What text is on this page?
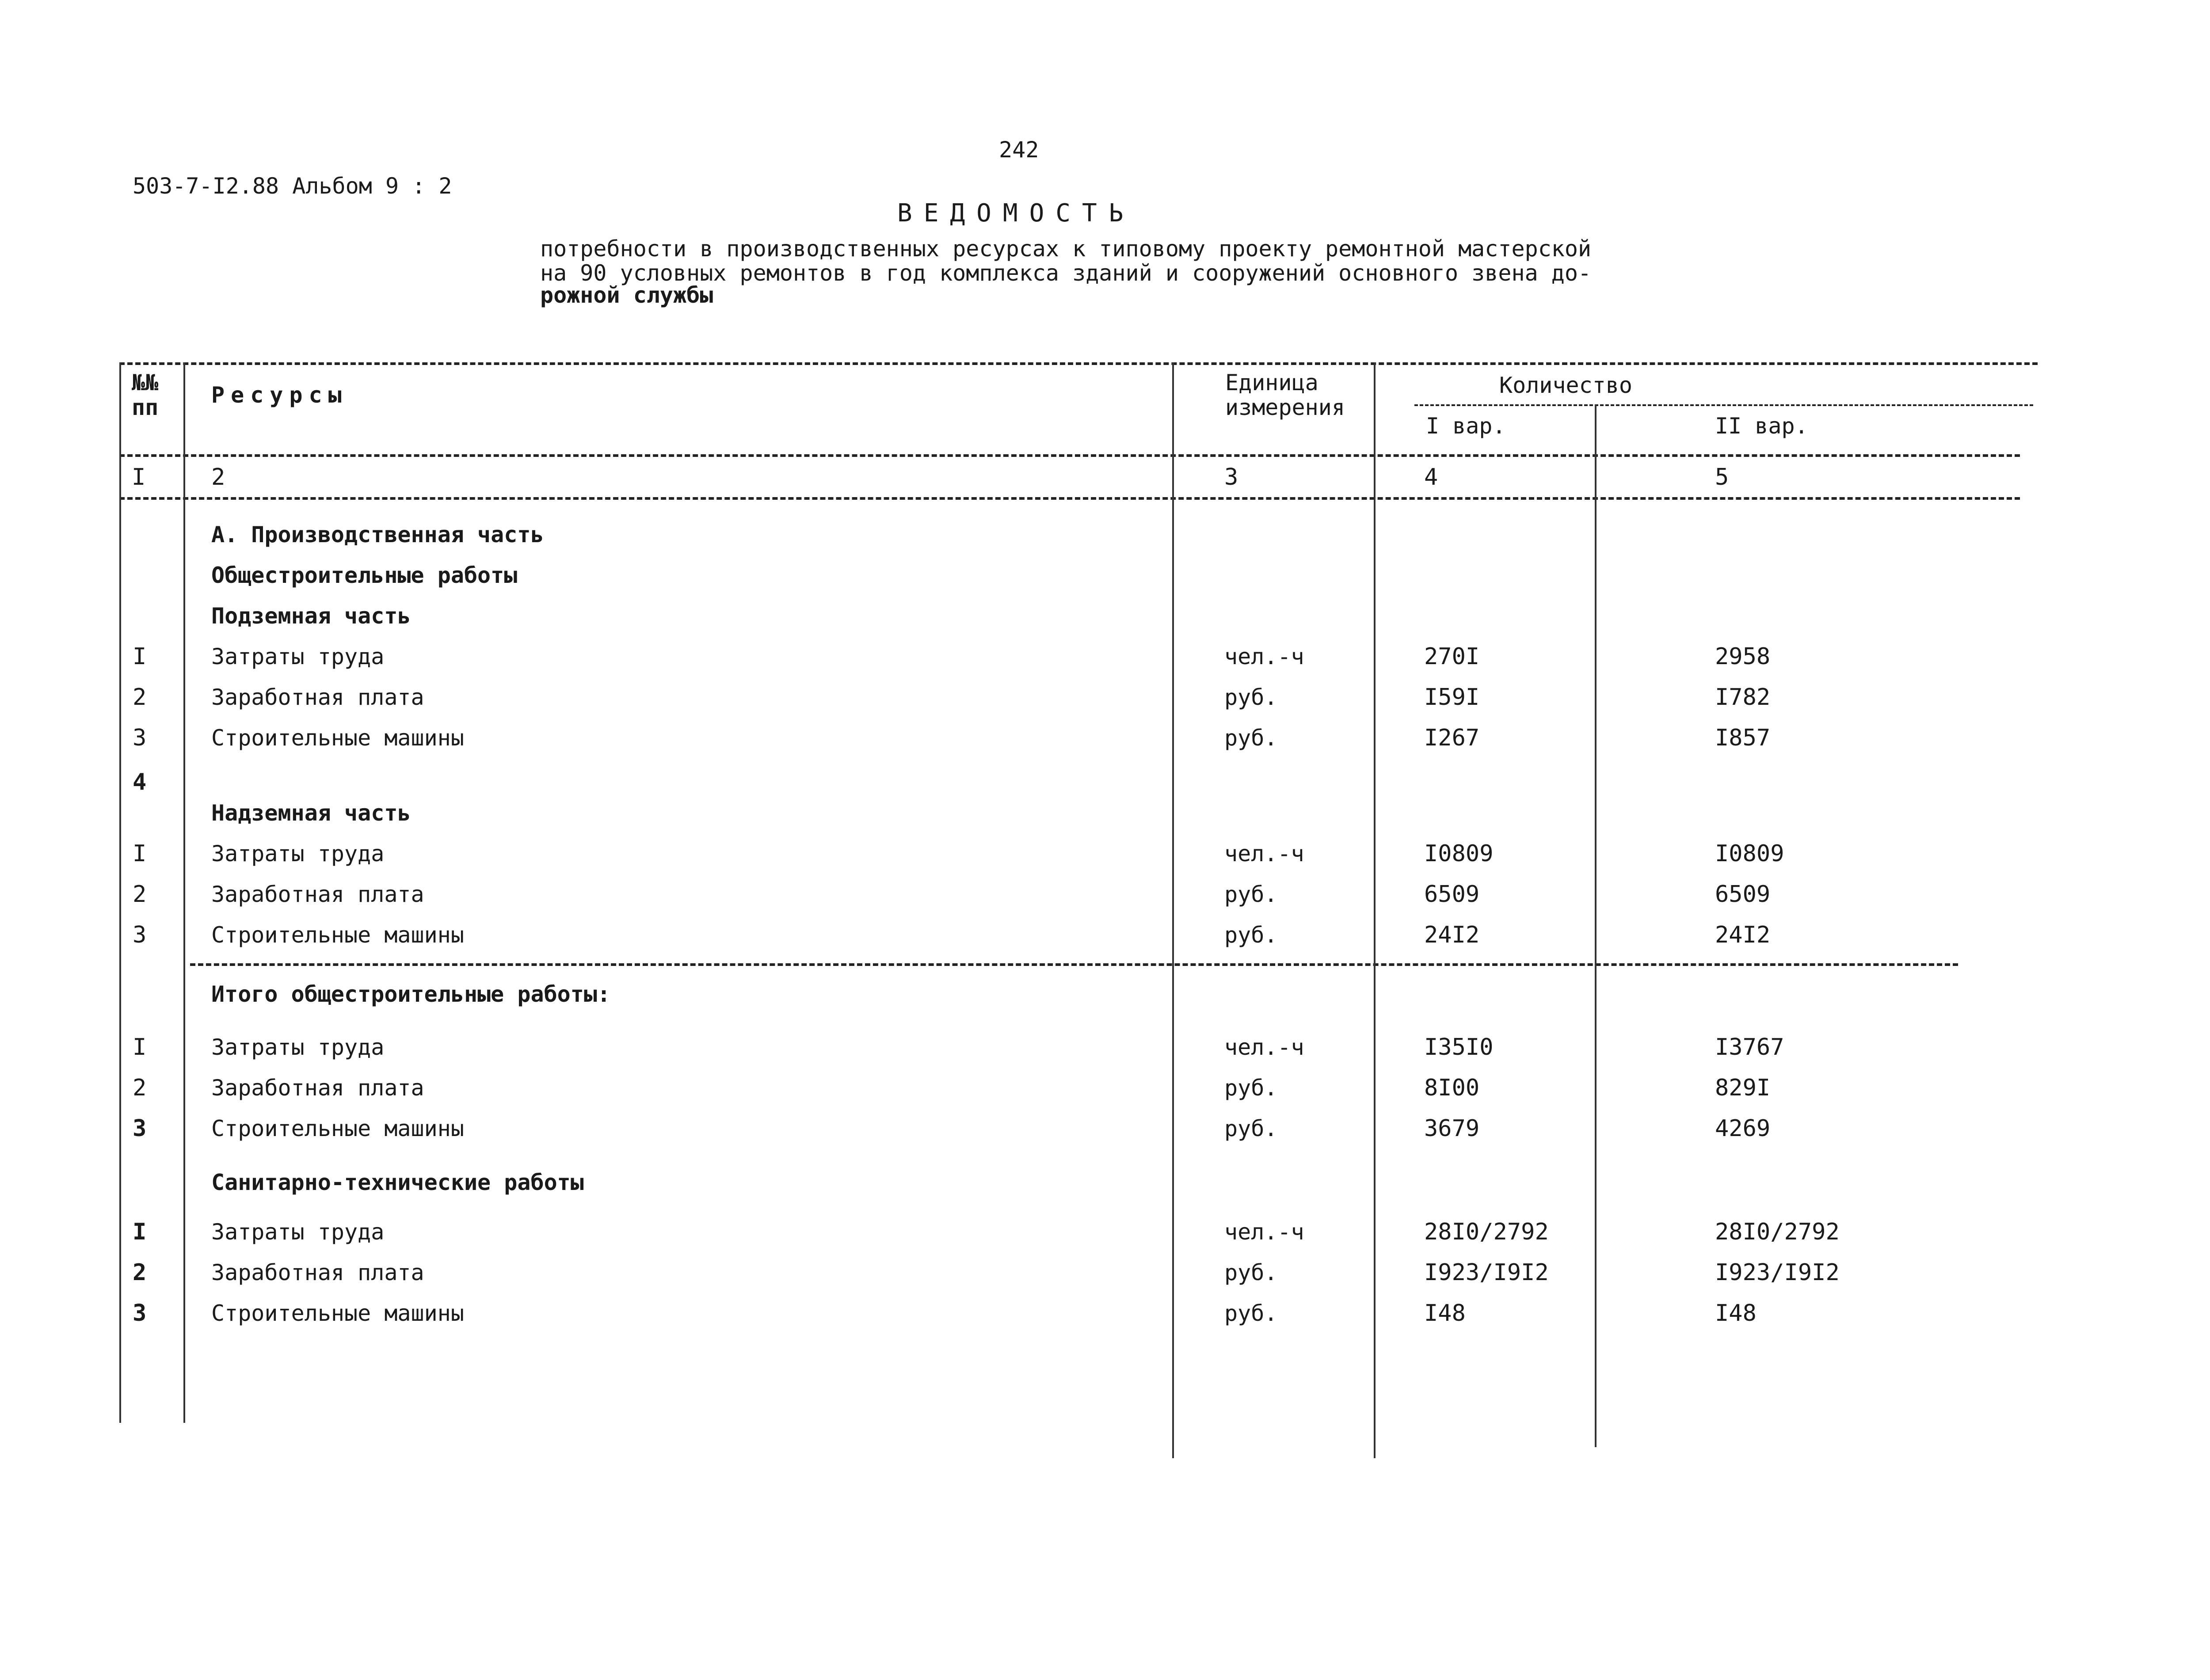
242
503-7-I2.88 Альбом 9 : 2
ВЕДОМОСТЬ
потребности в производственных ресурсах к типовому проекту ремонтной мастерской
на 90 условных ремонтов в год комплекса зданий и сооружений основного звена до-
рожной службы
№№ пп	Ресурсы	Единица измерения
Количество
I вар.	II вар.
I	2	3	4	5
А. Производственная часть
Общестроительные работы
Подземная часть
I	Затраты труда	чел.-ч	270I	2958
2	Заработная плата	руб.	I59I	I782
3	Строительные машины	руб.	I267	I857
4
Надземная часть
I	Затраты труда	чел.-ч	I0809	I0809
2	Заработная плата	руб.	6509	6509
3	Строительные машины	руб.	24I2	24I2
Итого общестроительные работы:
I	Затраты труда	чел.-ч	I35I0	I3767
2	Заработная плата	руб.	8I00	829I
3	Строительные машины	руб.	3679	4269
Санитарно-технические работы
I	Затраты труда	чел.-ч	28I0/2792	28I0/2792
2	Заработная плата	руб.	I923/I9I2	I923/I9I2
3	Строительные машины	руб.	I48	I48
